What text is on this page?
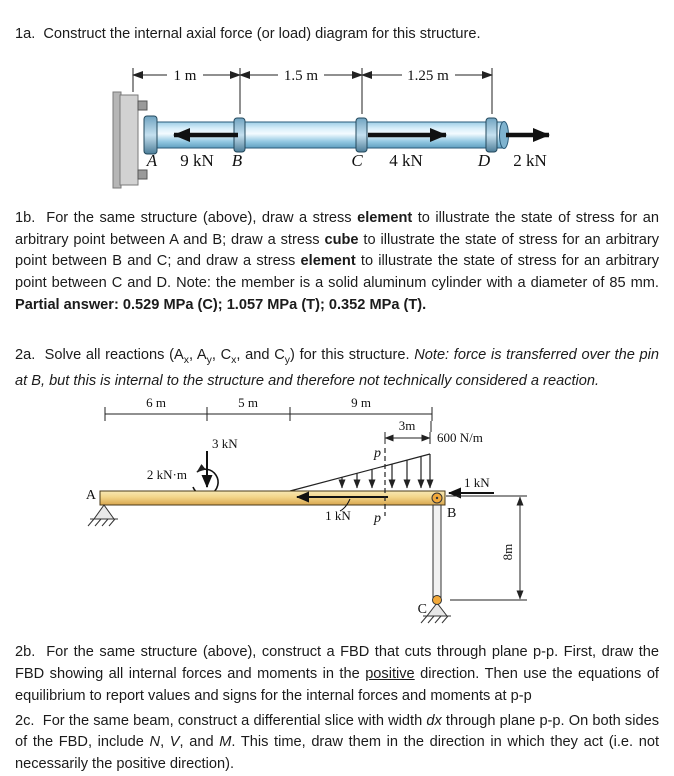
1a.  Construct the internal axial force (or load) diagram for this structure.

1 m	1.5 m	1.25 m
A 9 kN B	C 4 kN	D 2 kN

1b.  For the same structure (above), draw a stress element to illustrate the state of stress for an arbitrary point between A and B; draw a stress cube to illustrate the state of stress for an arbitrary point between B and C; and draw a stress element to illustrate the state of stress for an arbitrary point between C and D. Note: the member is a solid aluminum cylinder with a diameter of 85 mm. Partial answer: 0.529 MPa (C); 1.057 MPa (T); 0.352 MPa (T).

2a.  Solve all reactions ($A_x$, $A_y$, $C_x$, and $C_y$) for this structure. Note: force is transferred over the pin at B, but this is internal to the structure and therefore not technically considered a reaction.

6 m	5 m	9 m
3m
600 N/m
3 kN
2 kN·m
A
1 kN
p
p	B
1 kN
8m
C

2b.  For the same structure (above), construct a FBD that cuts through plane p-p. First, draw the FBD showing all internal forces and moments in the positive direction. Then use the equations of equilibrium to report values and signs for the internal forces and moments at p-p

2c.  For the same beam, construct a differential slice with width dx through plane p-p. On both sides of the FBD, include N, V, and M. This time, draw them in the direction in which they act (i.e. not necessarily the positive direction).
